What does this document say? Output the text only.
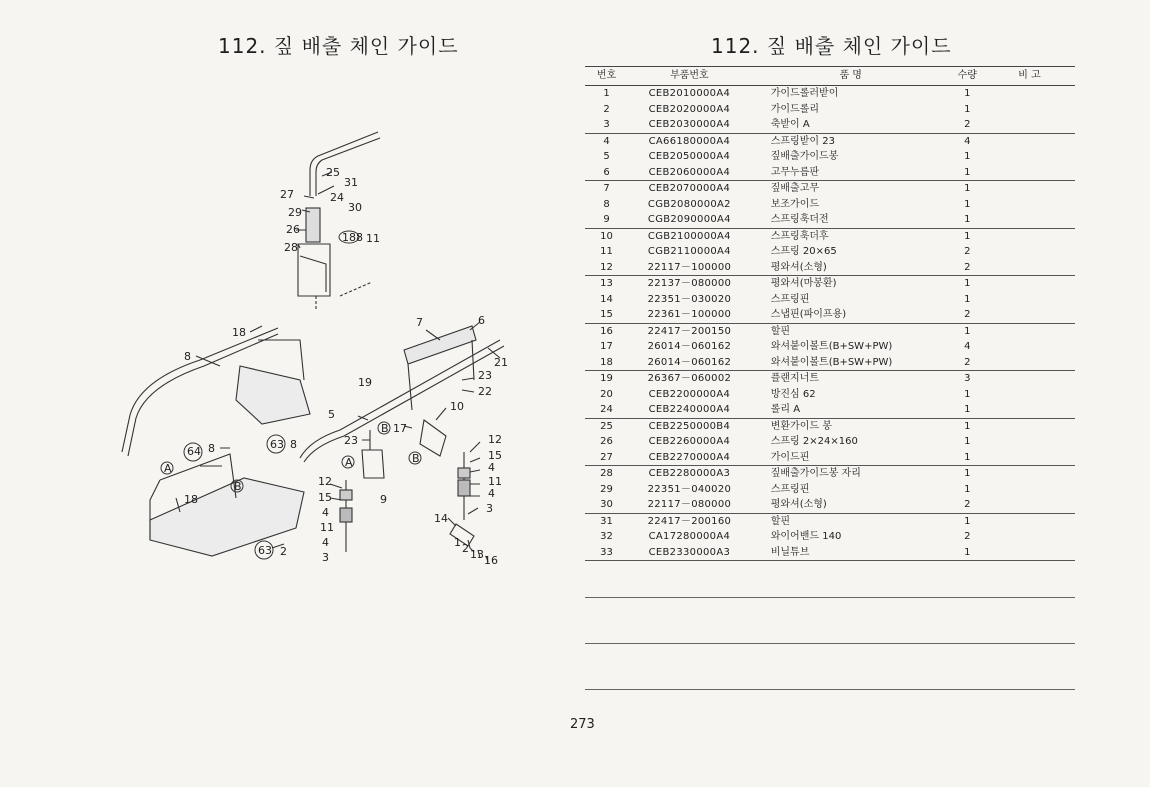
112. 짚 배출 체인 가이드
25
31
27	24
29	30
26
188 11
28
18
8
7	6
21
19
23
22
5
10
17
63 8	23
12
15
4
11
4
3
64 8
18
12
15
4
11
4
3
9
14
1 2 13 16
63 2
A	A
B
B
B
112. 짚 배출 체인 가이드
번호	부품번호	품 명	수량	비 고
1	CEB2010000A4	가이드롤러받이	1	
2	CEB2020000A4	가이드롤리	1	
3	CEB2030000A4	축받이 A	2	
4	CA66180000A4	스프링받이 23	4	
5	CEB2050000A4	짚배출가이드봉	1	
6	CEB2060000A4	고무누름판	1	
7	CEB2070000A4	짚배출고무	1	
8	CGB2080000A2	보조가이드	1	
9	CGB2090000A4	스프링훅더전	1	
10	CGB2100000A4	스프링훅더후	1	
11	CGB2110000A4	스프링 20×65	2	
12	22117－100000	평와셔(소형)	2	
13	22137－080000	평와셔(마봉환)	1	
14	22351－030020	스프링핀	1	
15	22361－100000	스냅핀(파이프용)	2	
16	22417－200150	할핀	1	
17	26014－060162	와셔붙이볼트(B+SW+PW)	4	
18	26014－060162	와셔붙이볼트(B+SW+PW)	2	
19	26367－060002	플랜지너트	3	
20	CEB2200000A4	방진심 62	1	
24	CEB2240000A4	롤리 A	1	
25	CEB2250000B4	변환가이드 봉	1	
26	CEB2260000A4	스프링 2×24×160	1	
27	CEB2270000A4	가이드핀	1	
28	CEB2280000A3	짚배출가이드봉 자리	1	
29	22351－040020	스프링핀	1	
30	22117－080000	평와셔(소형)	2	
31	22417－200160	할핀	1	
32	CA17280000A4	와이어밴드 140	2	
33	CEB2330000A3	비닐튜브	1	
273
